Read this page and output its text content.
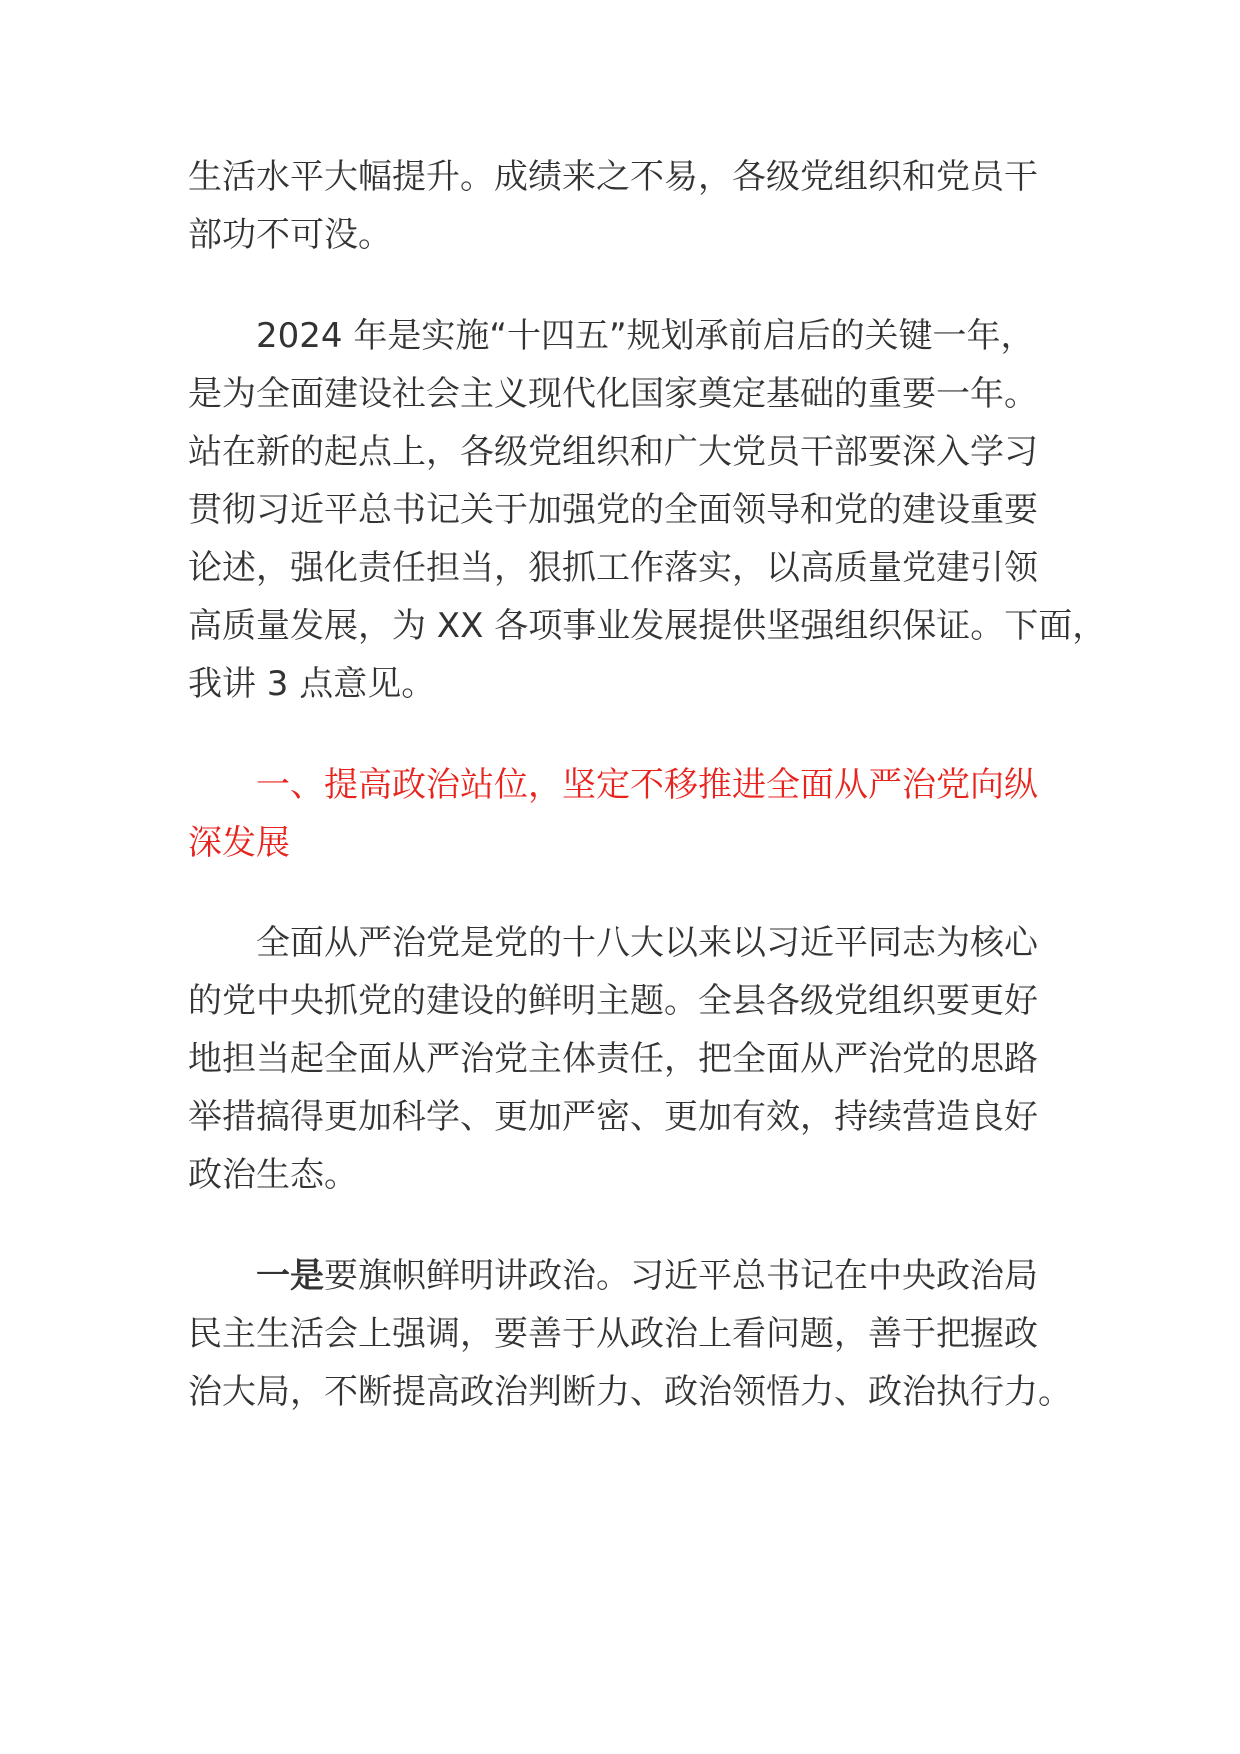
生活水平大幅提升。成绩来之不易，各级党组织和党员干
部功不可没。
2024 年是实施“十四五”规划承前启后的关键一年，
是为全面建设社会主义现代化国家奠定基础的重要一年。
站在新的起点上，各级党组织和广大党员干部要深入学习
贯彻习近平总书记关于加强党的全面领导和党的建设重要
论述，强化责任担当，狠抓工作落实，以高质量党建引领
高质量发展，为 XX 各项事业发展提供坚强组织保证。下面，
我讲 3 点意见。
一、提高政治站位，坚定不移推进全面从严治党向纵
深发展
全面从严治党是党的十八大以来以习近平同志为核心
的党中央抓党的建设的鲜明主题。全县各级党组织要更好
地担当起全面从严治党主体责任，把全面从严治党的思路
举措搞得更加科学、更加严密、更加有效，持续营造良好
政治生态。
一是要旗帜鲜明讲政治。习近平总书记在中央政治局
民主生活会上强调，要善于从政治上看问题，善于把握政
治大局，不断提高政治判断力、政治领悟力、政治执行力。
